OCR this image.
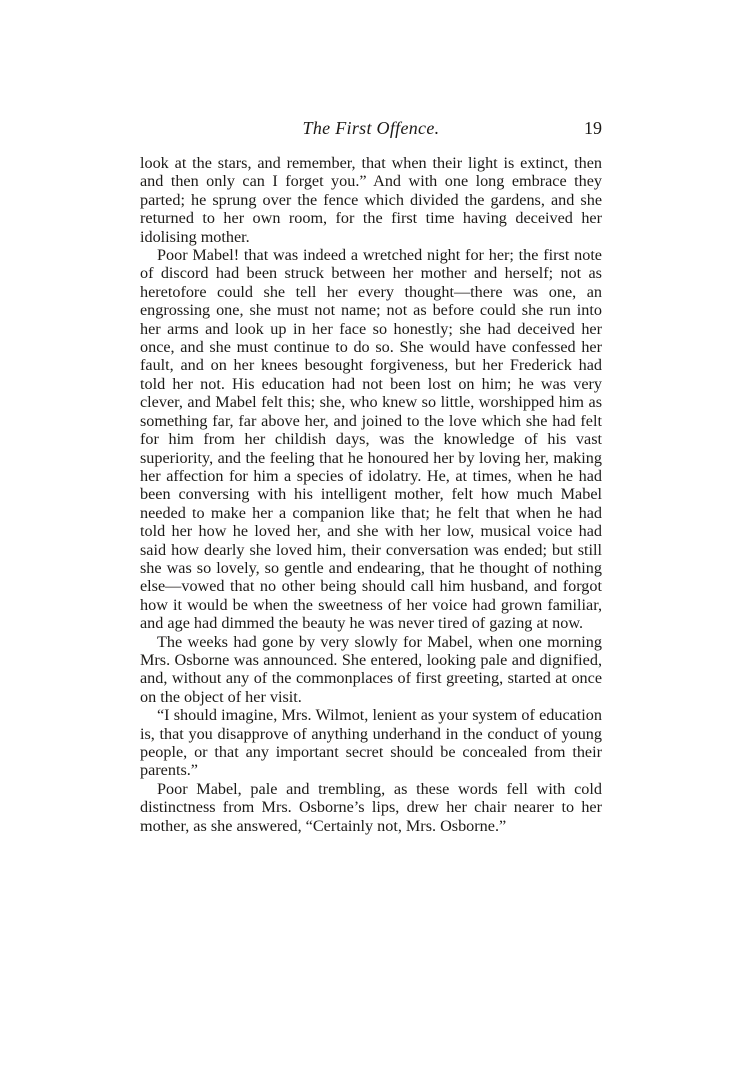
The First Offence.	19

look at the stars, and remember, that when their light is extinct, then and then only can I forget you.” And with one long embrace they parted; he sprung over the fence which divided the gardens, and she returned to her own room, for the first time having deceived her idolising mother.

Poor Mabel! that was indeed a wretched night for her; the first note of discord had been struck between her mother and herself; not as heretofore could she tell her every thought—there was one, an engrossing one, she must not name; not as before could she run into her arms and look up in her face so honestly; she had deceived her once, and she must continue to do so. She would have confessed her fault, and on her knees besought forgiveness, but her Frederick had told her not. His education had not been lost on him; he was very clever, and Mabel felt this; she, who knew so little, worshipped him as something far, far above her, and joined to the love which she had felt for him from her childish days, was the knowledge of his vast superiority, and the feeling that he honoured her by loving her, making her affection for him a species of idolatry. He, at times, when he had been conversing with his intelligent mother, felt how much Mabel needed to make her a companion like that; he felt that when he had told her how he loved her, and she with her low, musical voice had said how dearly she loved him, their conversation was ended; but still she was so lovely, so gentle and endearing, that he thought of nothing else—vowed that no other being should call him husband, and forgot how it would be when the sweetness of her voice had grown familiar, and age had dimmed the beauty he was never tired of gazing at now.

The weeks had gone by very slowly for Mabel, when one morning Mrs. Osborne was announced. She entered, looking pale and dignified, and, without any of the commonplaces of first greeting, started at once on the object of her visit.

“I should imagine, Mrs. Wilmot, lenient as your system of education is, that you disapprove of anything underhand in the conduct of young people, or that any important secret should be concealed from their parents.”

Poor Mabel, pale and trembling, as these words fell with cold distinctness from Mrs. Osborne’s lips, drew her chair nearer to her mother, as she answered, “Certainly not, Mrs. Osborne.”
